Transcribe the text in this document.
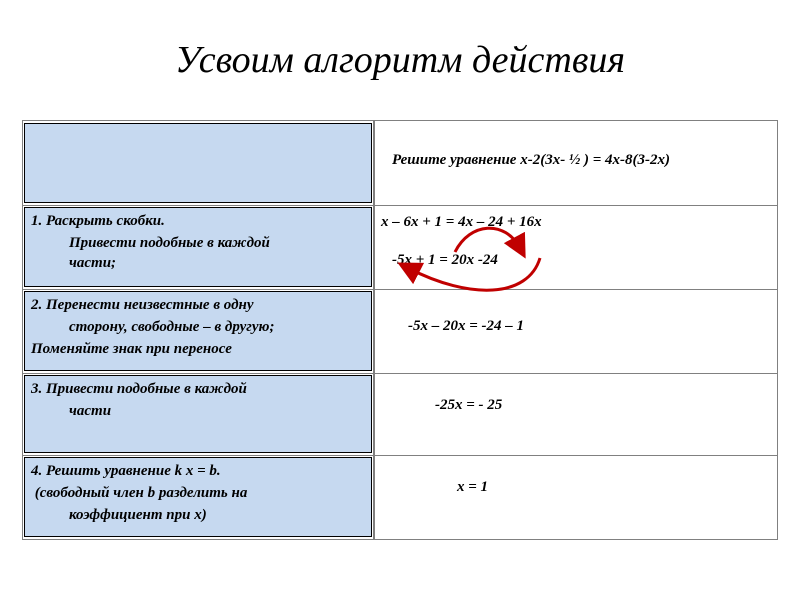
Усвоим алгоритм действия
1. Раскрыть скобки.
Привести подобные в каждой
части;
2. Перенести неизвестные в одну
сторону, свободные – в другую;
Поменяйте знак при переносе
3. Привести подобные в каждой
части
4. Решить уравнение k x = b.
(свободный член b разделить на
коэффициент при х)
Решите уравнение х-2(3х- ½ ) = 4х-8(3-2х)
х – 6х + 1 = 4х – 24 + 16х
-5х + 1 = 20х -24
-5х – 20х = -24 – 1
-25х = - 25
х = 1
